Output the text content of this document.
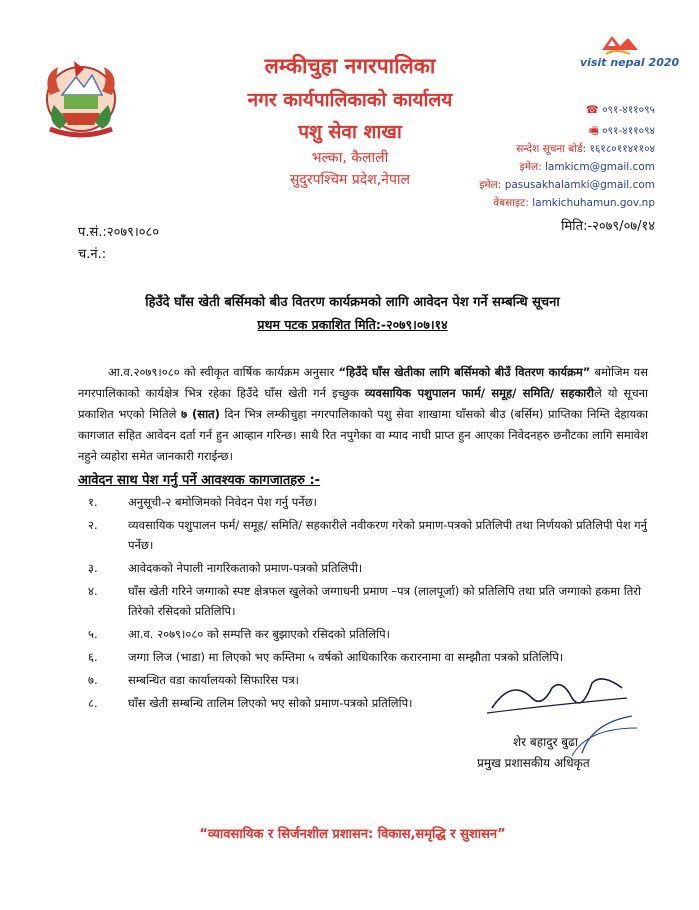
लम्कीचुहा नगरपालिका
नगर कार्यपालिकाको कार्यालय
पशु सेवा शाखा
भल्का, कैलाली
सुदुरपश्चिम प्रदेश,नेपाल
visit nepal 2020
☎ ०९१-४११०९५
🖷 ०९१-४११०९४
सन्देश सूचना बोर्ड: १६१८०११४११०४
इमेल: lamkicm@gmail.com
इमेल: pasusakhalamki@gmail.com
वेबसाइट: lamkichuhamun.gov.np
प.सं.:२०७९।०८०
च.नं.:
मिति:-२०७९/०७/१४
हिउँदे घाँस खेती बर्सिमको बीउ वितरण कार्यक्रमको लागि आवेदन पेश गर्ने सम्बन्धि सूचना
प्रथम पटक प्रकाशित मिति:-२०७९।०७।१४
आ.व.२०७९।०८० को स्वीकृत वार्षिक कार्यक्रम अनुसार “हिउँदे घाँस खेतीका लागि बर्सिमको बीउँ वितरण कार्यक्रम” बमोजिम यस नगरपालिकाको कार्यक्षेत्र भित्र रहेका हिउँदे घाँस खेती गर्न इच्छुक व्यवसायिक पशुपालन फार्म/ समूह/ समिति/ सहकारीले यो सूचना प्रकाशित भएको मितिले ७ (सात) दिन भित्र लम्कीचुहा नगरपालिकाको पशु सेवा शाखामा घाँसको बीउ (बर्सिम) प्राप्तिका निम्ति देहायका कागजात सहित आवेदन दर्ता गर्न हुन आव्हान गरिन्छ। साथै रित नपुगेका वा म्याद नाघी प्राप्त हुन आएका निवेदनहरु छनौटका लागि समावेश नहुने व्यहोरा समेत जानकारी गराईन्छ।
आवेदन साथ पेश गर्नु पर्ने आवश्यक कागजातहरु :-
१.	अनुसूची-२ बमोजिमको निवेदन पेश गर्नु पर्नेछ।
२.	व्यवसायिक पशुपालन फर्म/ समूह/ समिति/ सहकारीले नवीकरण गरेको प्रमाण-पत्रको प्रतिलिपी तथा निर्णयको प्रतिलिपी पेश गर्नु पर्नेछ।
३.	आवेदकको नेपाली नागरिकताको प्रमाण-पत्रको प्रतिलिपी।
४.	घाँस खेती गरिने जग्गाको स्पष्ट क्षेत्रफल खुलेको जग्गाधनी प्रमाण –पत्र (लालपूर्जा) को प्रतिलिपि तथा प्रति जग्गाको हकमा तिरो तिरेको रसिदको प्रतिलिपि।
५.	आ.व. २०७९।०८० को सम्पत्ति कर बुझाएको रसिदको प्रतिलिपि।
६.	जग्गा लिज (भाडा) मा लिएको भए कम्तिमा ५ वर्षको आधिकारिक करारनामा वा सम्झौता पत्रको प्रतिलिपि।
७.	सम्बन्धित वडा कार्यालयको सिफारिस पत्र।
८.	घाँस खेती सम्बन्धि तालिम लिएको भए सोको प्रमाण-पत्रको प्रतिलिपि।
शेर बहादुर बुढा
प्रमुख प्रशासकीय अधिकृत
“व्यावसायिक र सिर्जनशील प्रशासन: विकास,समृद्धि र सुशासन”
